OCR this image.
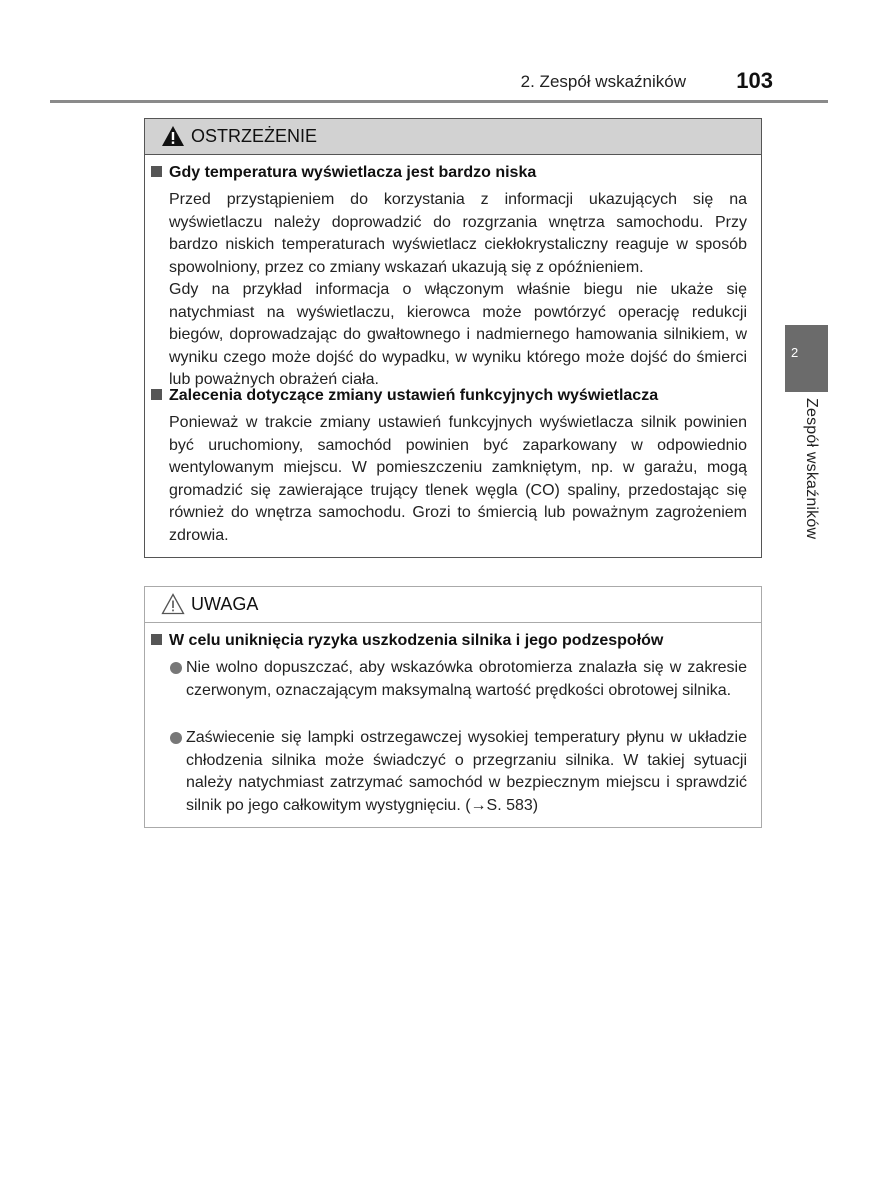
2. Zespół wskaźników 103
2
Zespół wskaźników
OSTRZEŻENIE
Gdy temperatura wyświetlacza jest bardzo niska
Przed przystąpieniem do korzystania z informacji ukazujących się na wyświetlaczu należy doprowadzić do rozgrzania wnętrza samochodu. Przy bardzo niskich temperaturach wyświetlacz ciekłokrystaliczny reaguje w sposób spowolniony, przez co zmiany wskazań ukazują się z opóźnieniem.
Gdy na przykład informacja o włączonym właśnie biegu nie ukaże się natychmiast na wyświetlaczu, kierowca może powtórzyć operację redukcji biegów, doprowadzając do gwałtownego i nadmiernego hamowania silnikiem, w wyniku czego może dojść do wypadku, w wyniku którego może dojść do śmierci lub poważnych obrażeń ciała.
Zalecenia dotyczące zmiany ustawień funkcyjnych wyświetlacza
Ponieważ w trakcie zmiany ustawień funkcyjnych wyświetlacza silnik powinien być uruchomiony, samochód powinien być zaparkowany w odpowiednio wentylowanym miejscu. W pomieszczeniu zamkniętym, np. w garażu, mogą gromadzić się zawierające trujący tlenek węgla (CO) spaliny, przedostając się również do wnętrza samochodu. Grozi to śmiercią lub poważnym zagrożeniem zdrowia.
UWAGA
W celu uniknięcia ryzyka uszkodzenia silnika i jego podzespołów
Nie wolno dopuszczać, aby wskazówka obrotomierza znalazła się w zakresie czerwonym, oznaczającym maksymalną wartość prędkości obrotowej silnika.
Zaświecenie się lampki ostrzegawczej wysokiej temperatury płynu w układzie chłodzenia silnika może świadczyć o przegrzaniu silnika. W takiej sytuacji należy natychmiast zatrzymać samochód w bezpiecznym miejscu i sprawdzić silnik po jego całkowitym wystygnięciu. (→S. 583)
